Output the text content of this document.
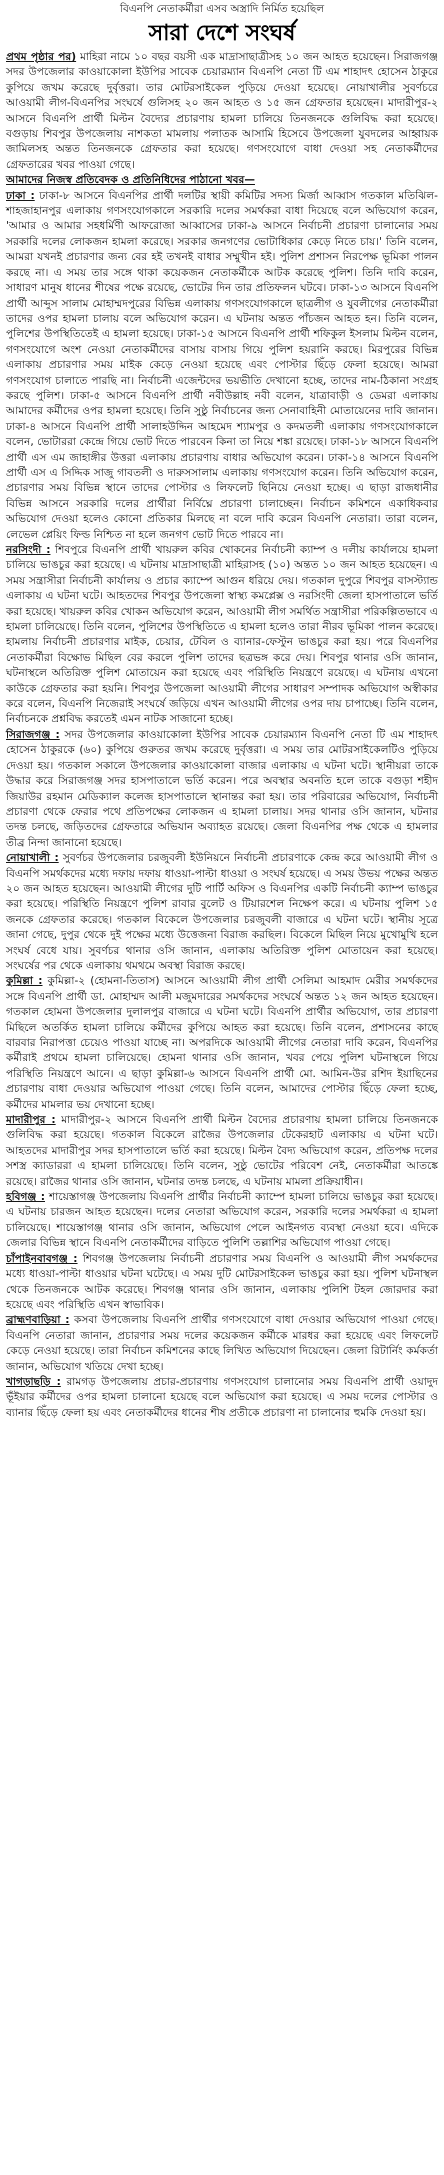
বিএনপি নেতাকর্মীরা এসব অস্ত্রাদি নির্মিত হয়েছিল
সারা দেশে সংঘর্ষ

প্রথম পৃষ্ঠার পর) মাহিরা নামে ১০ বছর বয়সী এক মাদ্রাসাছাত্রীসহ ১০ জন আহত হয়েছেন। সিরাজগঞ্জ সদর উপজেলার কাওয়াকোলা ইউপির সাবেক চেয়ারম্যান বিএনপি নেতা টি এম শাহাদৎ হোসেন ঠাকুরে কুপিয়ে জখম করেছে দুর্বৃত্তরা। তার মোটরসাইকেল পুড়িয়ে দেওয়া হয়েছে। নোয়াখালীর সুবর্ণচরে আওয়ামী লীগ-বিএনপির সংঘর্ষে গুলিসহ ২০ জন আহত ও ১৫ জন গ্রেফতার হয়েছেন। মাদারীপুর-২ আসনে বিএনপি প্রার্থী মিল্টন বৈদ্যের প্রচারণায় হামলা চালিয়ে তিনজনকে গুলিবিদ্ধ করা হয়েছে। বগুড়ায় শিবপুর উপজেলায় নাশকতা মামলায় পলাতক আসামি হিসেবে উপজেলা যুবদলের আহ্বায়ক জামিলসহ অন্তত তিনজনকে গ্রেফতার করা হয়েছে। গণসংযোগে বাধা দেওয়া সহ নেতাকর্মীদের গ্রেফতারের খবর পাওয়া গেছে।

আমাদের নিজস্ব প্রতিবেদক ও প্রতিনিধিদের পাঠানো খবর—

ঢাকা : ঢাকা-৮ আসনে বিএনপির প্রার্থী দলটির স্থায়ী কমিটির সদস্য মির্জা আব্বাস গতকাল মতিঝিল-শাহজাহানপুর এলাকায় গণসংযোগকালে সরকারি দলের সমর্থকরা বাধা দিয়েছে বলে অভিযোগ করেন, 'আমার ও আমার সহধর্মিণী আফরোজা আব্বাসের ঢাকা-৯ আসনে নির্বাচনী প্রচারণা চালানোর সময় সরকারি দলের লোকজন হামলা করেছে। সরকার জনগণের ভোটাধিকার কেড়ে নিতে চায়।' তিনি বলেন, আমরা যখনই প্রচারণার জন্য বের হই তখনই বাধার সম্মুখীন হই। পুলিশ প্রশাসন নিরপেক্ষ ভূমিকা পালন করছে না। এ সময় তার সঙ্গে থাকা কয়েকজন নেতাকর্মীকে আটক করেছে পুলিশ। তিনি দাবি করেন, সাধারণ মানুষ ধানের শীষের পক্ষে রয়েছে, ভোটের দিন তার প্রতিফলন ঘটবে। ঢাকা-১৩ আসনে বিএনপি প্রার্থী আব্দুস সালাম মোহাম্মদপুরের বিভিন্ন এলাকায় গণসংযোগকালে ছাত্রলীগ ও যুবলীগের নেতাকর্মীরা তাদের ওপর হামলা চালায় বলে অভিযোগ করেন। এ ঘটনায় অন্তত পাঁচজন আহত হন। তিনি বলেন, পুলিশের উপস্থিতিতেই এ হামলা হয়েছে। ঢাকা-১৫ আসনে বিএনপি প্রার্থী শফিকুল ইসলাম মিল্টন বলেন, গণসংযোগে অংশ নেওয়া নেতাকর্মীদের বাসায় বাসায় গিয়ে পুলিশ হয়রানি করছে। মিরপুরের বিভিন্ন এলাকায় প্রচারণার সময় মাইক কেড়ে নেওয়া হয়েছে এবং পোস্টার ছিঁড়ে ফেলা হয়েছে। আমরা গণসংযোগ চালাতে পারছি না। নির্বাচনী এজেন্টদের ভয়ভীতি দেখানো হচ্ছে, তাদের নাম-ঠিকানা সংগ্রহ করছে পুলিশ। ঢাকা-৫ আসনে বিএনপি প্রার্থী নবীউল্লাহ নবী বলেন, যাত্রাবাড়ী ও ডেমরা এলাকায় আমাদের কর্মীদের ওপর হামলা হয়েছে। তিনি সুষ্ঠু নির্বাচনের জন্য সেনাবাহিনী মোতায়েনের দাবি জানান। ঢাকা-৪ আসনে বিএনপি প্রার্থী সালাহউদ্দিন আহমেদ শ্যামপুর ও কদমতলী এলাকায় গণসংযোগকালে বলেন, ভোটাররা কেন্দ্রে গিয়ে ভোট দিতে পারবেন কিনা তা নিয়ে শঙ্কা রয়েছে। ঢাকা-১৮ আসনে বিএনপি প্রার্থী এস এম জাহাঙ্গীর উত্তরা এলাকায় প্রচারণায় বাধার অভিযোগ করেন। ঢাকা-১৪ আসনে বিএনপি প্রার্থী এস এ সিদ্দিক সাজু গাবতলী ও দারুসসালাম এলাকায় গণসংযোগ করেন। তিনি অভিযোগ করেন, প্রচারণার সময় বিভিন্ন স্থানে তাদের পোস্টার ও লিফলেট ছিনিয়ে নেওয়া হচ্ছে। এ ছাড়া রাজধানীর বিভিন্ন আসনে সরকারি দলের প্রার্থীরা নির্বিঘ্নে প্রচারণা চালাচ্ছেন। নির্বাচন কমিশনে একাধিকবার অভিযোগ দেওয়া হলেও কোনো প্রতিকার মিলছে না বলে দাবি করেন বিএনপি নেতারা। তারা বলেন, লেভেল প্লেয়িং ফিল্ড নিশ্চিত না হলে জনগণ ভোট দিতে পারবে না।

নরসিংদী : শিবপুরে বিএনপি প্রার্থী খায়রুল কবির খোকনের নির্বাচনী ক্যাম্প ও দলীয় কার্যালয়ে হামলা চালিয়ে ভাঙচুর করা হয়েছে। এ ঘটনায় মাদ্রাসাছাত্রী মাহিরাসহ (১০) অন্তত ১০ জন আহত হয়েছেন। এ সময় সন্ত্রাসীরা নির্বাচনী কার্যালয় ও প্রচার ক্যাম্পে আগুন ধরিয়ে দেয়। গতকাল দুপুরে শিবপুর বাসস্ট্যান্ড এলাকায় এ ঘটনা ঘটে। আহতদের শিবপুর উপজেলা স্বাস্থ্য কমপ্লেক্স ও নরসিংদী জেলা হাসপাতালে ভর্তি করা হয়েছে। খায়রুল কবির খোকন অভিযোগ করেন, আওয়ামী লীগ সমর্থিত সন্ত্রাসীরা পরিকল্পিতভাবে এ হামলা চালিয়েছে। তিনি বলেন, পুলিশের উপস্থিতিতে এ হামলা হলেও তারা নীরব ভূমিকা পালন করেছে। হামলায় নির্বাচনী প্রচারণার মাইক, চেয়ার, টেবিল ও ব্যানার-ফেস্টুন ভাঙচুর করা হয়। পরে বিএনপির নেতাকর্মীরা বিক্ষোভ মিছিল বের করলে পুলিশ তাদের ছত্রভঙ্গ করে দেয়। শিবপুর থানার ওসি জানান, ঘটনাস্থলে অতিরিক্ত পুলিশ মোতায়েন করা হয়েছে এবং পরিস্থিতি নিয়ন্ত্রণে রয়েছে। এ ঘটনায় এখনো কাউকে গ্রেফতার করা হয়নি। শিবপুর উপজেলা আওয়ামী লীগের সাধারণ সম্পাদক অভিযোগ অস্বীকার করে বলেন, বিএনপি নিজেরাই সংঘর্ষে জড়িয়ে এখন আওয়ামী লীগের ওপর দায় চাপাচ্ছে। তিনি বলেন, নির্বাচনকে প্রশ্নবিদ্ধ করতেই এমন নাটক সাজানো হচ্ছে।

সিরাজগঞ্জ : সদর উপজেলার কাওয়াকোলা ইউপির সাবেক চেয়ারম্যান বিএনপি নেতা টি এম শাহাদৎ হোসেন ঠাকুরকে (৬০) কুপিয়ে গুরুতর জখম করেছে দুর্বৃত্তরা। এ সময় তার মোটরসাইকেলটিও পুড়িয়ে দেওয়া হয়। গতকাল সকালে উপজেলার কাওয়াকোলা বাজার এলাকায় এ ঘটনা ঘটে। স্থানীয়রা তাকে উদ্ধার করে সিরাজগঞ্জ সদর হাসপাতালে ভর্তি করেন। পরে অবস্থার অবনতি হলে তাকে বগুড়া শহীদ জিয়াউর রহমান মেডিক্যাল কলেজ হাসপাতালে স্থানান্তর করা হয়। তার পরিবারের অভিযোগ, নির্বাচনী প্রচারণা থেকে ফেরার পথে প্রতিপক্ষের লোকজন এ হামলা চালায়। সদর থানার ওসি জানান, ঘটনার তদন্ত চলছে, জড়িতদের গ্রেফতারে অভিযান অব্যাহত রয়েছে। জেলা বিএনপির পক্ষ থেকে এ হামলার তীব্র নিন্দা জানানো হয়েছে।

নোয়াখালী : সুবর্ণচর উপজেলার চরজুবলী ইউনিয়নে নির্বাচনী প্রচারণাকে কেন্দ্র করে আওয়ামী লীগ ও বিএনপি সমর্থকদের মধ্যে দফায় দফায় ধাওয়া-পাল্টা ধাওয়া ও সংঘর্ষ হয়েছে। এ সময় উভয় পক্ষের অন্তত ২০ জন আহত হয়েছেন। আওয়ামী লীগের দুটি পার্টি অফিস ও বিএনপির একটি নির্বাচনী ক্যাম্প ভাঙচুর করা হয়েছে। পরিস্থিতি নিয়ন্ত্রণে পুলিশ রাবার বুলেট ও টিয়ারশেল নিক্ষেপ করে। এ ঘটনায় পুলিশ ১৫ জনকে গ্রেফতার করেছে। গতকাল বিকেলে উপজেলার চরজুবলী বাজারে এ ঘটনা ঘটে। স্থানীয় সূত্রে জানা গেছে, দুপুর থেকে দুই পক্ষের মধ্যে উত্তেজনা বিরাজ করছিল। বিকেলে মিছিল নিয়ে মুখোমুখি হলে সংঘর্ষ বেধে যায়। সুবর্ণচর থানার ওসি জানান, এলাকায় অতিরিক্ত পুলিশ মোতায়েন করা হয়েছে। সংঘর্ষের পর থেকে এলাকায় থমথমে অবস্থা বিরাজ করছে।

কুমিল্লা : কুমিল্লা-২ (হোমনা-তিতাস) আসনে আওয়ামী লীগ প্রার্থী সেলিমা আহমাদ মেরীর সমর্থকদের সঙ্গে বিএনপি প্রার্থী ডা. মোহাম্মদ আলী মজুমদারের সমর্থকদের সংঘর্ষে অন্তত ১২ জন আহত হয়েছেন। গতকাল হোমনা উপজেলার দুলালপুর বাজারে এ ঘটনা ঘটে। বিএনপি প্রার্থীর অভিযোগ, তার প্রচারণা মিছিলে অতর্কিত হামলা চালিয়ে কর্মীদের কুপিয়ে আহত করা হয়েছে। তিনি বলেন, প্রশাসনের কাছে বারবার নিরাপত্তা চেয়েও পাওয়া যাচ্ছে না। অপরদিকে আওয়ামী লীগের নেতারা দাবি করেন, বিএনপির কর্মীরাই প্রথমে হামলা চালিয়েছে। হোমনা থানার ওসি জানান, খবর পেয়ে পুলিশ ঘটনাস্থলে গিয়ে পরিস্থিতি নিয়ন্ত্রণে আনে। এ ছাড়া কুমিল্লা-৬ আসনে বিএনপি প্রার্থী মো. আমিন-উর রশিদ ইয়াছিনের প্রচারণায় বাধা দেওয়ার অভিযোগ পাওয়া গেছে। তিনি বলেন, আমাদের পোস্টার ছিঁড়ে ফেলা হচ্ছে, কর্মীদের মামলার ভয় দেখানো হচ্ছে।

মাদারীপুর : মাদারীপুর-২ আসনে বিএনপি প্রার্থী মিল্টন বৈদ্যের প্রচারণায় হামলা চালিয়ে তিনজনকে গুলিবিদ্ধ করা হয়েছে। গতকাল বিকেলে রাজৈর উপজেলার টেকেরহাট এলাকায় এ ঘটনা ঘটে। আহতদের মাদারীপুর সদর হাসপাতালে ভর্তি করা হয়েছে। মিল্টন বৈদ্য অভিযোগ করেন, প্রতিপক্ষ দলের সশস্ত্র ক্যাডাররা এ হামলা চালিয়েছে। তিনি বলেন, সুষ্ঠু ভোটের পরিবেশ নেই, নেতাকর্মীরা আতঙ্কে রয়েছে। রাজৈর থানার ওসি জানান, ঘটনার তদন্ত চলছে, এ ঘটনায় মামলা প্রক্রিয়াধীন।

হবিগঞ্জ : শায়েস্তাগঞ্জ উপজেলায় বিএনপি প্রার্থীর নির্বাচনী ক্যাম্পে হামলা চালিয়ে ভাঙচুর করা হয়েছে। এ ঘটনায় চারজন আহত হয়েছেন। দলের নেতারা অভিযোগ করেন, সরকারি দলের সমর্থকরা এ হামলা চালিয়েছে। শায়েস্তাগঞ্জ থানার ওসি জানান, অভিযোগ পেলে আইনগত ব্যবস্থা নেওয়া হবে। এদিকে জেলার বিভিন্ন স্থানে বিএনপি নেতাকর্মীদের বাড়িতে পুলিশি তল্লাশির অভিযোগ পাওয়া গেছে।

চাঁপাইনবাবগঞ্জ : শিবগঞ্জ উপজেলায় নির্বাচনী প্রচারণার সময় বিএনপি ও আওয়ামী লীগ সমর্থকদের মধ্যে ধাওয়া-পাল্টা ধাওয়ার ঘটনা ঘটেছে। এ সময় দুটি মোটরসাইকেল ভাঙচুর করা হয়। পুলিশ ঘটনাস্থল থেকে তিনজনকে আটক করেছে। শিবগঞ্জ থানার ওসি জানান, এলাকায় পুলিশি টহল জোরদার করা হয়েছে এবং পরিস্থিতি এখন স্বাভাবিক।

ব্রাহ্মণবাড়িয়া : কসবা উপজেলায় বিএনপি প্রার্থীর গণসংযোগে বাধা দেওয়ার অভিযোগ পাওয়া গেছে। বিএনপি নেতারা জানান, প্রচারণার সময় দলের কয়েকজন কর্মীকে মারধর করা হয়েছে এবং লিফলেট কেড়ে নেওয়া হয়েছে। তারা নির্বাচন কমিশনের কাছে লিখিত অভিযোগ দিয়েছেন। জেলা রিটার্নিং কর্মকর্তা জানান, অভিযোগ খতিয়ে দেখা হচ্ছে।

খাগড়াছড়ি : রামগড় উপজেলায় প্রচার-প্রচারণায় গণসংযোগ চালানোর সময় বিএনপি প্রার্থী ওয়াদুদ ভূঁইয়ার কর্মীদের ওপর হামলা চালানো হয়েছে বলে অভিযোগ করা হয়েছে। এ সময় দলের পোস্টার ও ব্যানার ছিঁড়ে ফেলা হয় এবং নেতাকর্মীদের ধানের শীষ প্রতীকে প্রচারণা না চালানোর হুমকি দেওয়া হয়।
